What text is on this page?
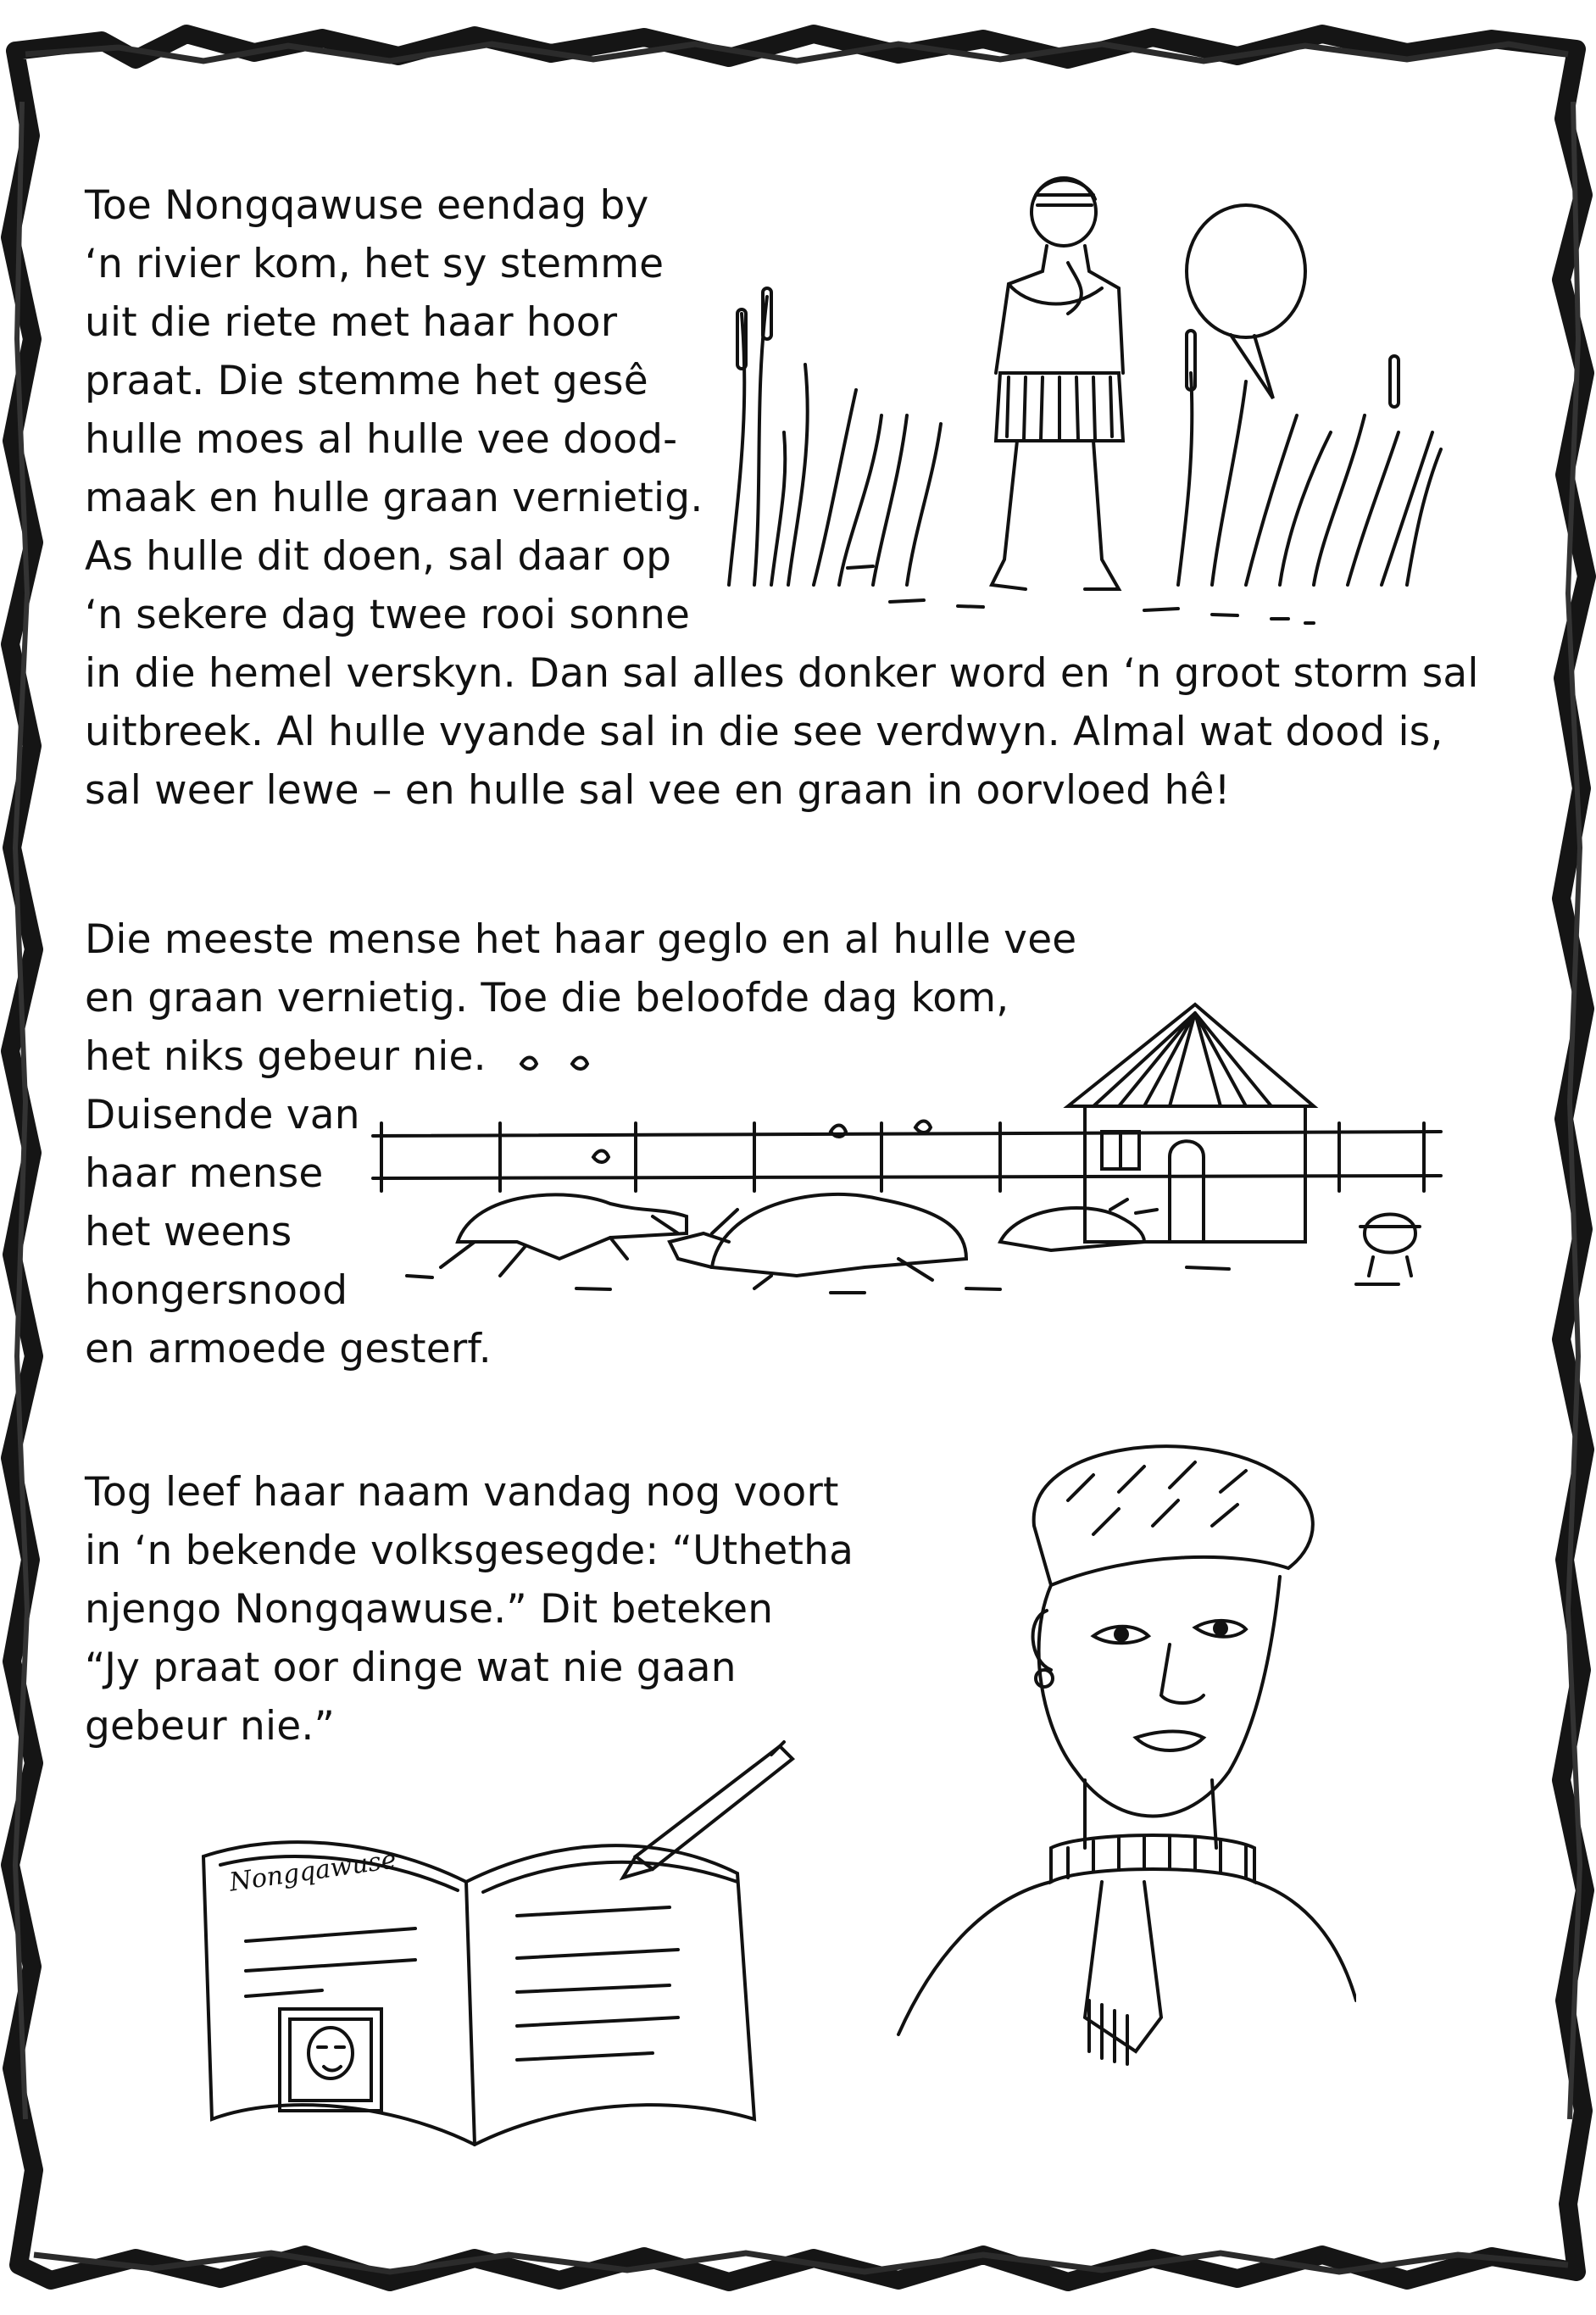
Toe Nongqawuse eendag by
‘n rivier kom, het sy stemme
uit die riete met haar hoor
praat. Die stemme het gesê
hulle moes al hulle vee dood-
maak en hulle graan vernietig.
As hulle dit doen, sal daar op
‘n sekere dag twee rooi sonne
in die hemel verskyn. Dan sal alles donker word en ‘n groot storm sal
uitbreek. Al hulle vyande sal in die see verdwyn. Almal wat dood is,
sal weer lewe – en hulle sal vee en graan in oorvloed hê!
Die meeste mense het haar geglo en al hulle vee
en graan vernietig. Toe die beloofde dag kom,
het niks gebeur nie.
Duisende van
haar mense
het weens
hongersnood
en armoede gesterf.
Tog leef haar naam vandag nog voort
in ‘n bekende volksgesegde: “Uthetha
njengo Nongqawuse.” Dit beteken
“Jy praat oor dinge wat nie gaan
gebeur nie.”
Nongqawuse
